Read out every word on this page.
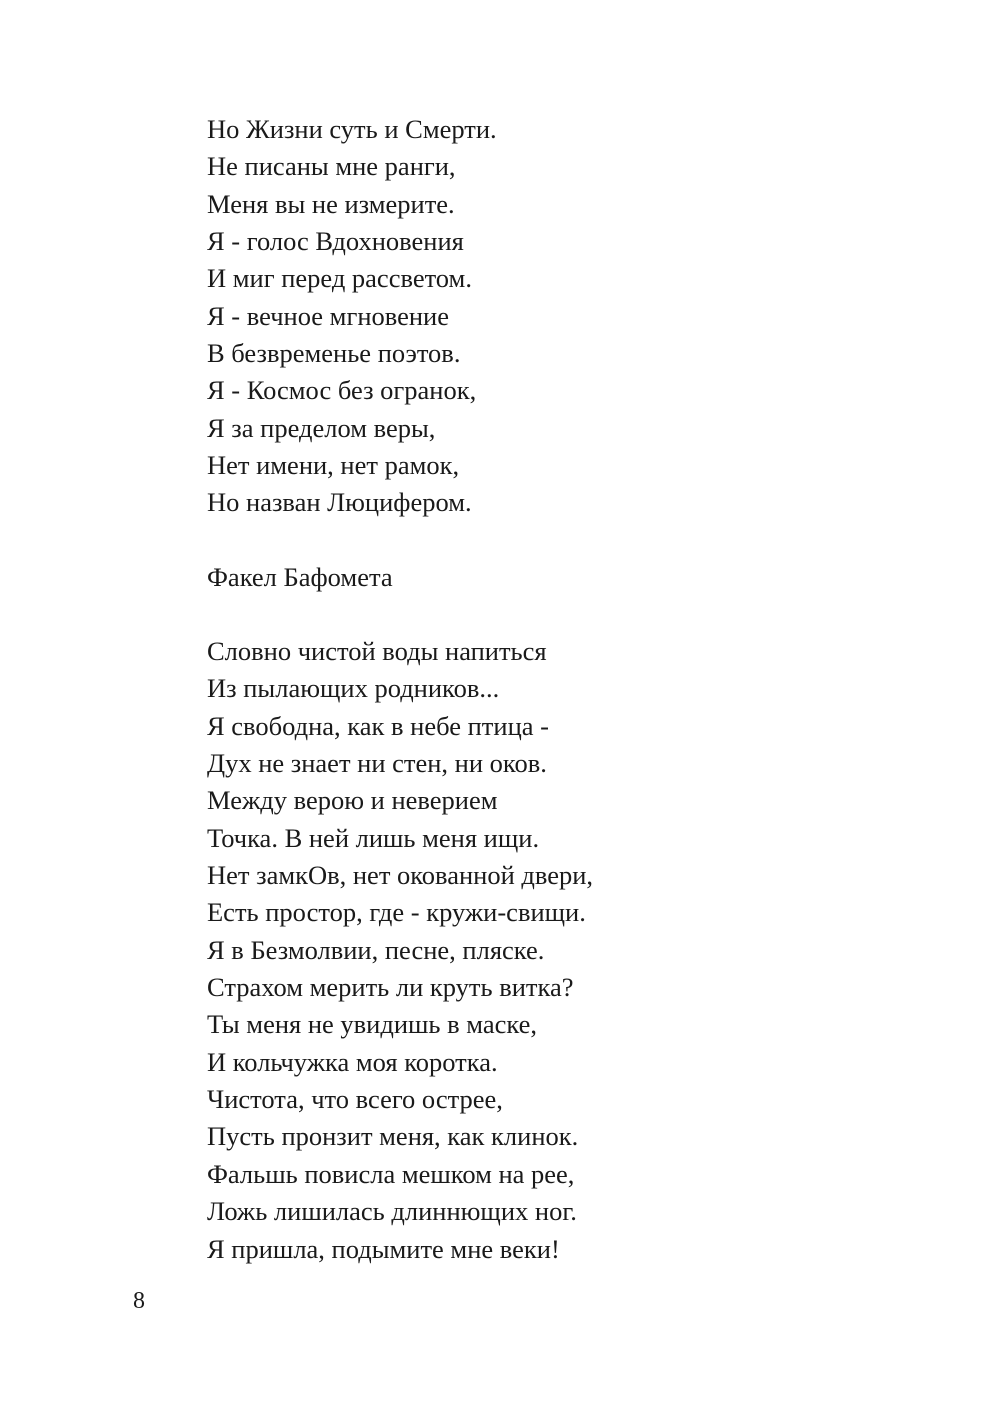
Но Жизни суть и Смерти.
Не писаны мне ранги,
Меня вы не измерите.
Я - голос Вдохновения
И миг перед рассветом.
Я - вечное мгновение
В безвременье поэтов.
Я - Космос без огранок,
Я за пределом веры,
Нет имени, нет рамок,
Но назван Люцифером.
Факел Бафомета
Словно чистой воды напиться
Из пылающих родников...
Я свободна, как в небе птица -
Дух не знает ни стен, ни оков.
Между верою и неверием
Точка. В ней лишь меня ищи.
Нет замкОв, нет окованной двери,
Есть простор, где - кружи-свищи.
Я в Безмолвии, песне, пляске.
Страхом мерить ли круть витка?
Ты меня не увидишь в маске,
И кольчужка моя коротка.
Чистота, что всего острее,
Пусть пронзит меня, как клинок.
Фальшь повисла мешком на рее,
Ложь лишилась длиннющих ног.
Я пришла, подымите мне веки!
8
